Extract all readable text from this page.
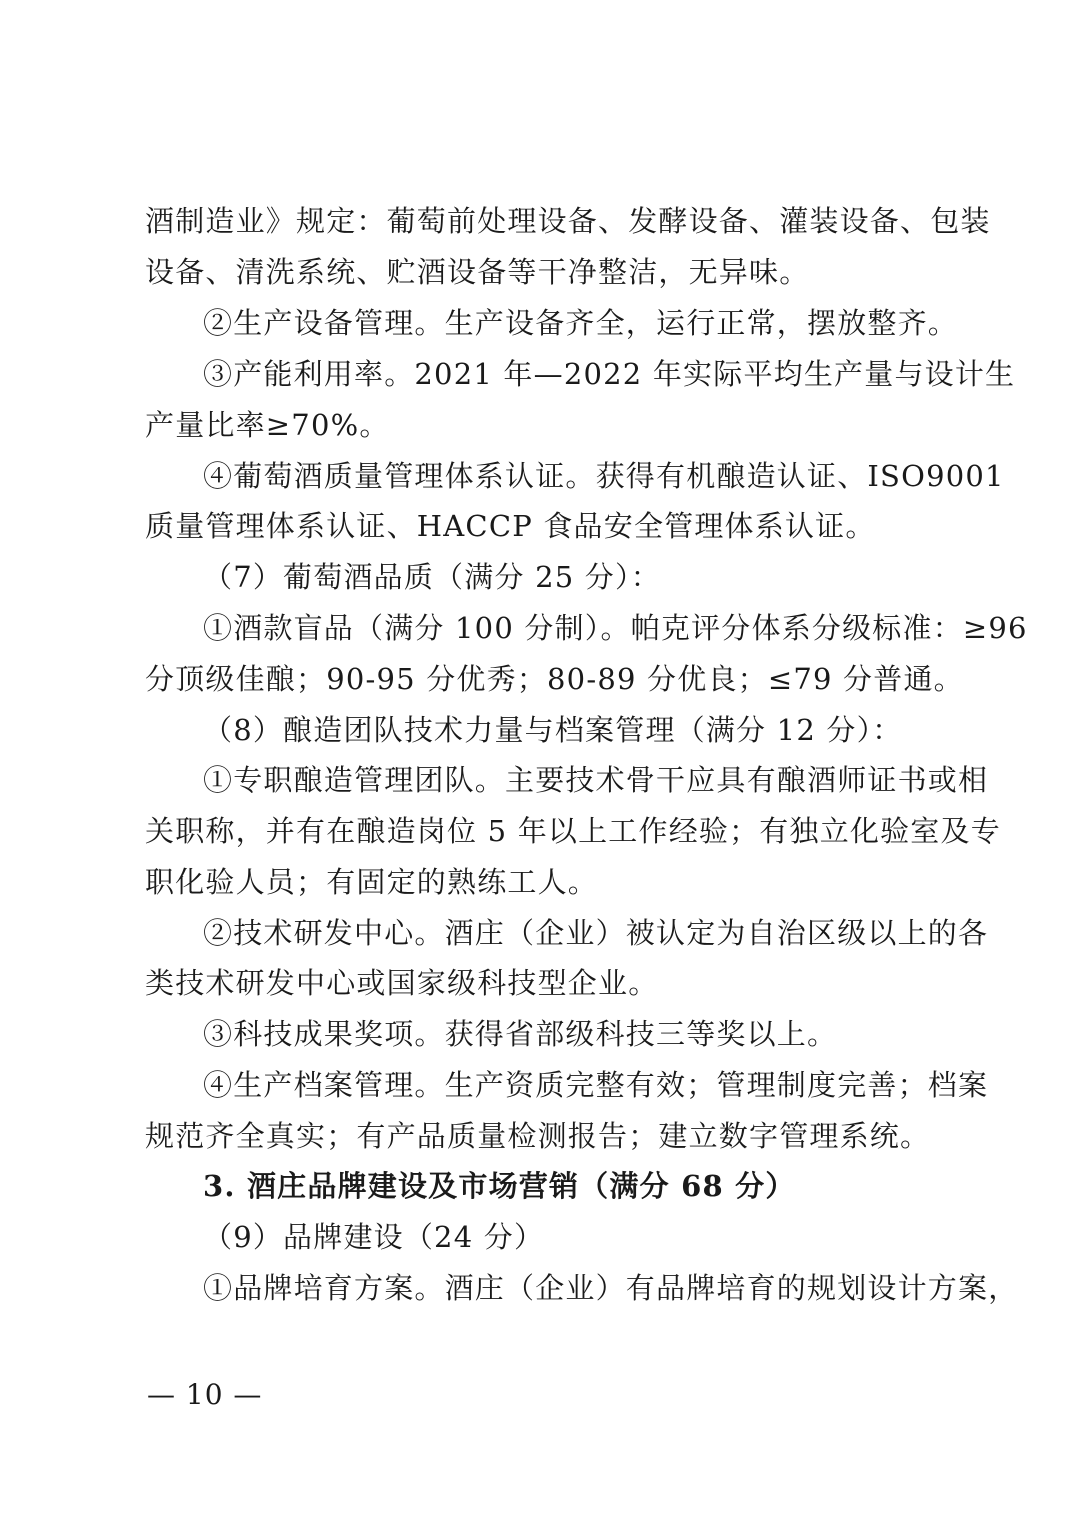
酒制造业》规定：葡萄前处理设备、发酵设备、灌装设备、包装
设备、清洗系统、贮酒设备等干净整洁，无异味。
②生产设备管理。生产设备齐全，运行正常，摆放整齐。
③产能利用率。2021 年—2022 年实际平均生产量与设计生
产量比率≥70%。
④葡萄酒质量管理体系认证。获得有机酿造认证、ISO9001
质量管理体系认证、HACCP 食品安全管理体系认证。
（7）葡萄酒品质（满分 25 分）：
①酒款盲品（满分 100 分制）。帕克评分体系分级标准：≥96
分顶级佳酿；90-95 分优秀；80-89 分优良；≤79 分普通。
（8）酿造团队技术力量与档案管理（满分 12 分）：
①专职酿造管理团队。主要技术骨干应具有酿酒师证书或相
关职称，并有在酿造岗位 5 年以上工作经验；有独立化验室及专
职化验人员；有固定的熟练工人。
②技术研发中心。酒庄（企业）被认定为自治区级以上的各
类技术研发中心或国家级科技型企业。
③科技成果奖项。获得省部级科技三等奖以上。
④生产档案管理。生产资质完整有效；管理制度完善；档案
规范齐全真实；有产品质量检测报告；建立数字管理系统。
3. 酒庄品牌建设及市场营销（满分 68 分）
（9）品牌建设（24 分）
①品牌培育方案。酒庄（企业）有品牌培育的规划设计方案，
— 10 —
